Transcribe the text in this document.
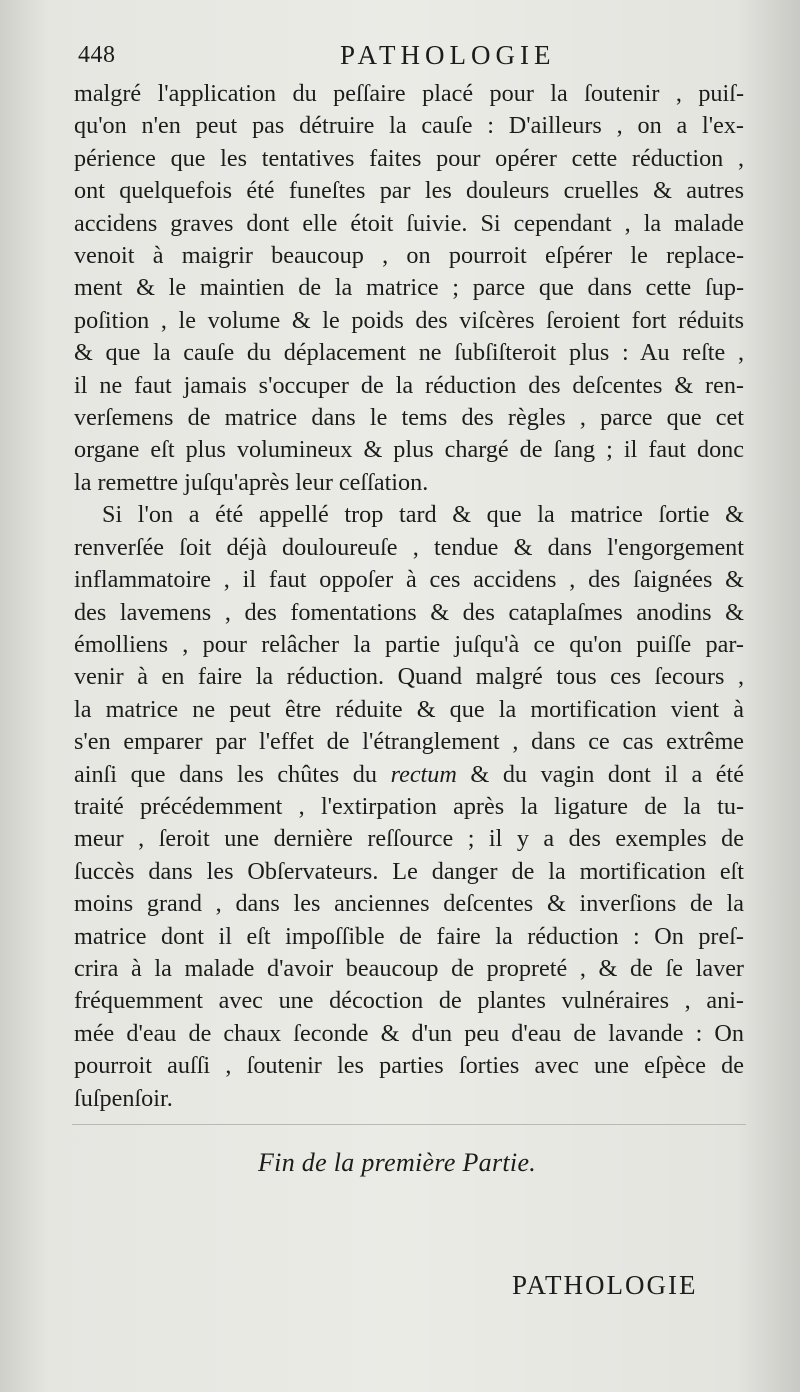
448	PATHOLOGIE

malgré l'application du peſſaire placé pour la ſoutenir , puiſ-
qu'on n'en peut pas détruire la cauſe : D'ailleurs , on a l'ex-
périence que les tentatives faites pour opérer cette réduction ,
ont quelquefois été funeſtes par les douleurs cruelles & autres
accidens graves dont elle étoit ſuivie. Si cependant , la malade
venoit à maigrir beaucoup , on pourroit eſpérer le replace-
ment & le maintien de la matrice ; parce que dans cette ſup-
poſition , le volume & le poids des viſcères ſeroient fort réduits
& que la cauſe du déplacement ne ſubſiſteroit plus : Au reſte ,
il ne faut jamais s'occuper de la réduction des deſcentes & ren-
verſemens de matrice dans le tems des règles , parce que cet
organe eſt plus volumineux & plus chargé de ſang ; il faut donc
la remettre juſqu'après leur ceſſation.

Si l'on a été appellé trop tard & que la matrice ſortie &
renverſée ſoit déjà douloureuſe , tendue & dans l'engorgement
inflammatoire , il faut oppoſer à ces accidens , des ſaignées &
des lavemens , des fomentations & des cataplaſmes anodins &
émolliens , pour relâcher la partie juſqu'à ce qu'on puiſſe par-
venir à en faire la réduction. Quand malgré tous ces ſecours ,
la matrice ne peut être réduite & que la mortification vient à
s'en emparer par l'effet de l'étranglement , dans ce cas extrême
ainſi que dans les chûtes du rectum & du vagin dont il a été
traité précédemment , l'extirpation après la ligature de la tu-
meur , ſeroit une dernière reſſource ; il y a des exemples de
ſuccès dans les Obſervateurs. Le danger de la mortification eſt
moins grand , dans les anciennes deſcentes & inverſions de la
matrice dont il eſt impoſſible de faire la réduction : On preſ-
crira à la malade d'avoir beaucoup de propreté , & de ſe laver
fréquemment avec une décoction de plantes vulnéraires , ani-
mée d'eau de chaux ſeconde & d'un peu d'eau de lavande : On
pourroit auſſi , ſoutenir les parties ſorties avec une eſpèce de
ſuſpenſoir.

Fin de la première Partie.
PATHOLOGIE
